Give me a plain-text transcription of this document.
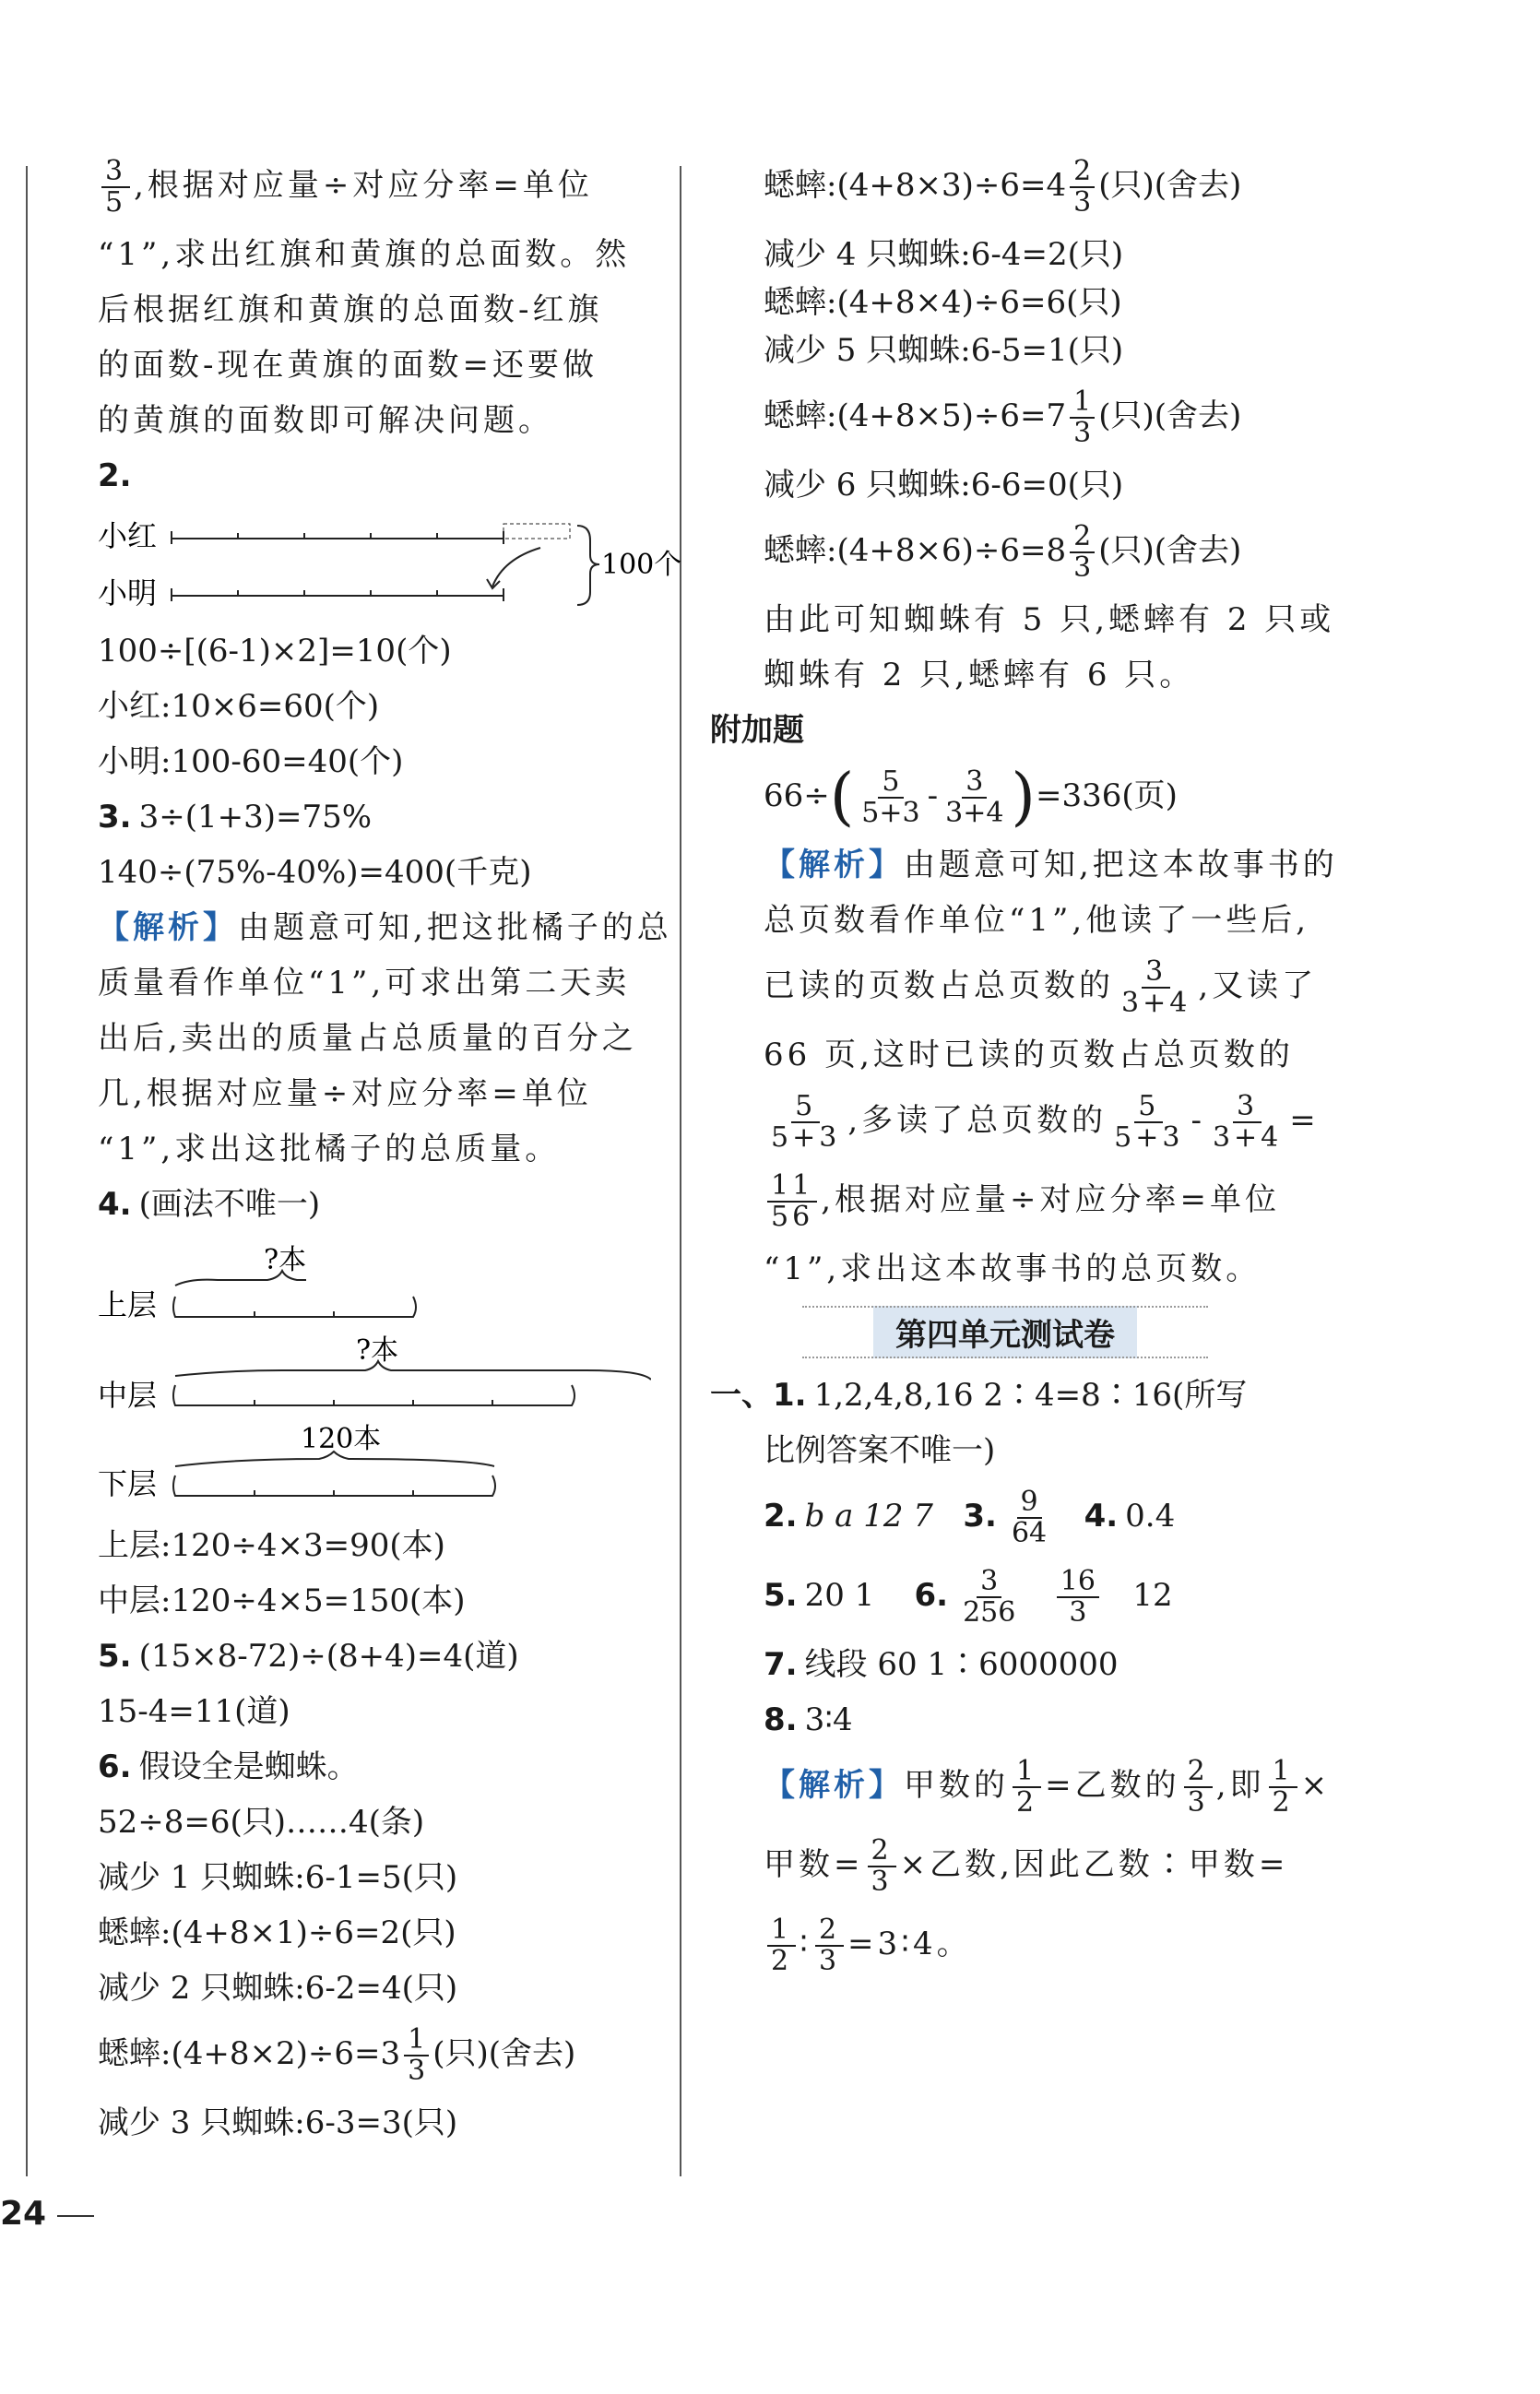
$\frac{3}{5}$ ,根据对应量÷对应分率=单位
“1”,求出红旗和黄旗的总面数。然
后根据红旗和黄旗的总面数-红旗
的面数-现在黄旗的面数=还要做
的黄旗的面数即可解决问题。
2.
小红
小明
100个
100÷[(6-1)×2]=10(个)
小红:10×6=60(个)
小明:100-60=40(个)
3. 3÷(1+3)=75%
140÷(75%-40%)=400(千克)
【解析】由题意可知,把这批橘子的总
质量看作单位“1”,可求出第二天卖
出后,卖出的质量占总质量的百分之
几,根据对应量÷对应分率=单位
“1”,求出这批橘子的总质量。
4. (画法不唯一)
?本
上层
?本
中层
120本
下层
上层:120÷4×3=90(本)
中层:120÷4×5=150(本)
5. (15×8-72)÷(8+4)=4(道)
15-4=11(道)
6. 假设全是蜘蛛。
52÷8=6(只)……4(条)
减少 1 只蜘蛛:6-1=5(只)
蟋蟀:(4+8×1)÷6=2(只)
减少 2 只蜘蛛:6-2=4(只)
蟋蟀:(4+8×2)÷6=3 $\frac{1}{3}$ (只)(舍去)
减少 3 只蜘蛛:6-3=3(只)
蟋蟀:(4+8×3)÷6=4 $\frac{2}{3}$ (只)(舍去)
减少 4 只蜘蛛:6-4=2(只)
蟋蟀:(4+8×4)÷6=6(只)
减少 5 只蜘蛛:6-5=1(只)
蟋蟀:(4+8×5)÷6=7 $\frac{1}{3}$ (只)(舍去)
减少 6 只蜘蛛:6-6=0(只)
蟋蟀:(4+8×6)÷6=8 $\frac{2}{3}$ (只)(舍去)
由此可知蜘蛛有 5 只,蟋蟀有 2 只或
蜘蛛有 2 只,蟋蟀有 6 只。
附加题
$66\div( \frac{5}{5+3} - \frac{3}{3+4} )=336$(页)
【解析】由题意可知,把这本故事书的
总页数看作单位“1”,他读了一些后,
已读的页数占总页数的 $\frac{3}{3+4}$ ,又读了
66 页,这时已读的页数占总页数的
$\frac{5}{5+3}$ ,多读了总页数的 $\frac{5}{5+3} - \frac{3}{3+4}$ =
$\frac{11}{56}$ ,根据对应量÷对应分率=单位
“1”,求出这本故事书的总页数。
第四单元测试卷
一、1. 1,2,4,8,16 2∶4=8∶16(所写
比例答案不唯一)
2. b a 12 7 3. $\frac{9}{64} 4$. 0.4
5. 20 1 6. $\frac{3}{256}$
$\frac{16}{3} 12$
7. 线段 60 1∶6000000
8. 3∶4
【解析】甲数的 $\frac{1}{2}$ =乙数的 $\frac{2}{3}$ ,即 $\frac{1}{2}$ ×
甲数= $\frac{2}{3}$ ×乙数,因此乙数∶甲数=
$\frac{1}{2}$ ∶ $\frac{2}{3}$ =3∶4。
24
